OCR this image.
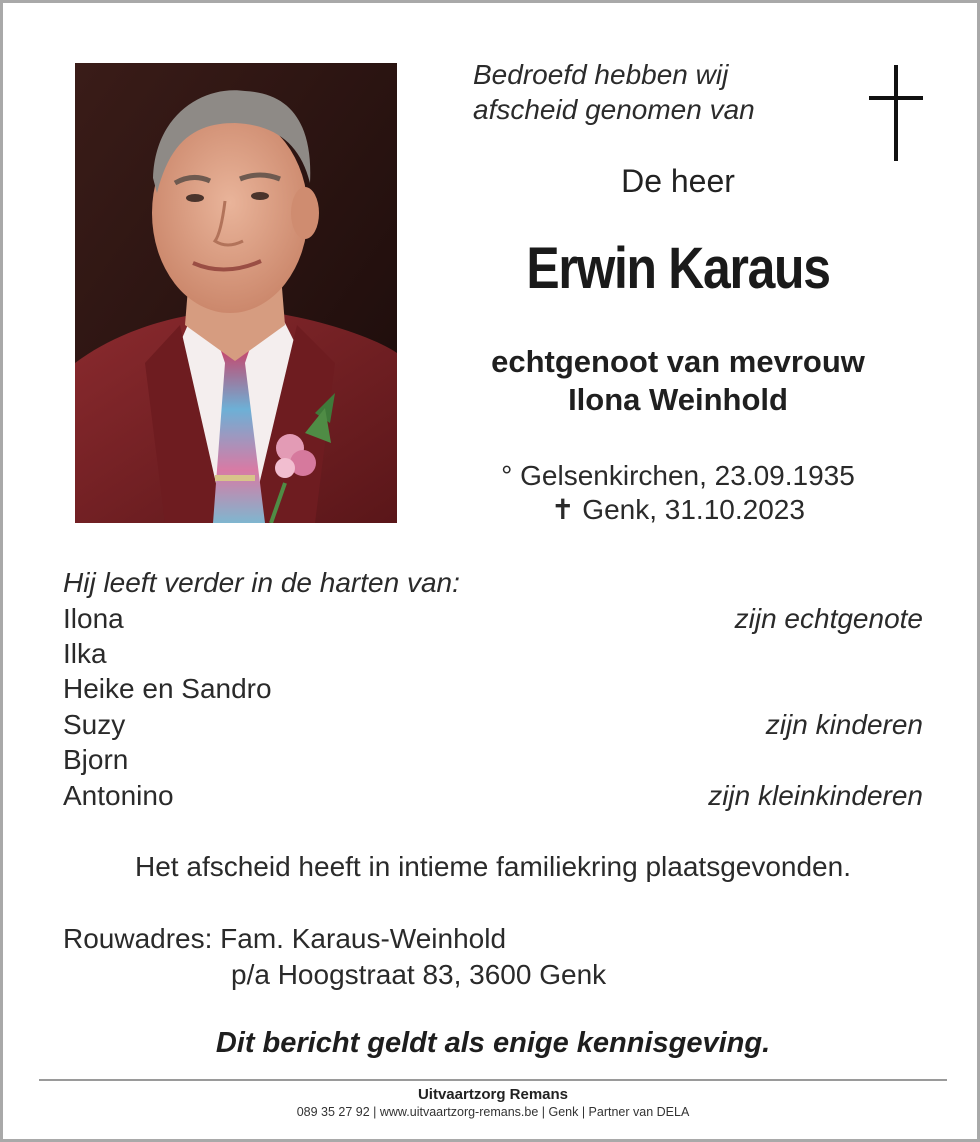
Bedroefd hebben wij
afscheid genomen van
De heer
Erwin Karaus
echtgenoot van mevrouw
Ilona Weinhold
° Gelsenkirchen, 23.09.1935
✝ Genk, 31.10.2023
Hij leeft verder in de harten van:
Ilona	zijn echtgenote
Ilka
Heike en Sandro
Suzy	zijn kinderen
Bjorn
Antonino	zijn kleinkinderen
Het afscheid heeft in intieme familiekring plaatsgevonden.
Rouwadres: Fam. Karaus-Weinhold
p/a Hoogstraat 83, 3600 Genk
Dit bericht geldt als enige kennisgeving.
Uitvaartzorg Remans
089 35 27 92 | www.uitvaartzorg-remans.be | Genk | Partner van DELA
